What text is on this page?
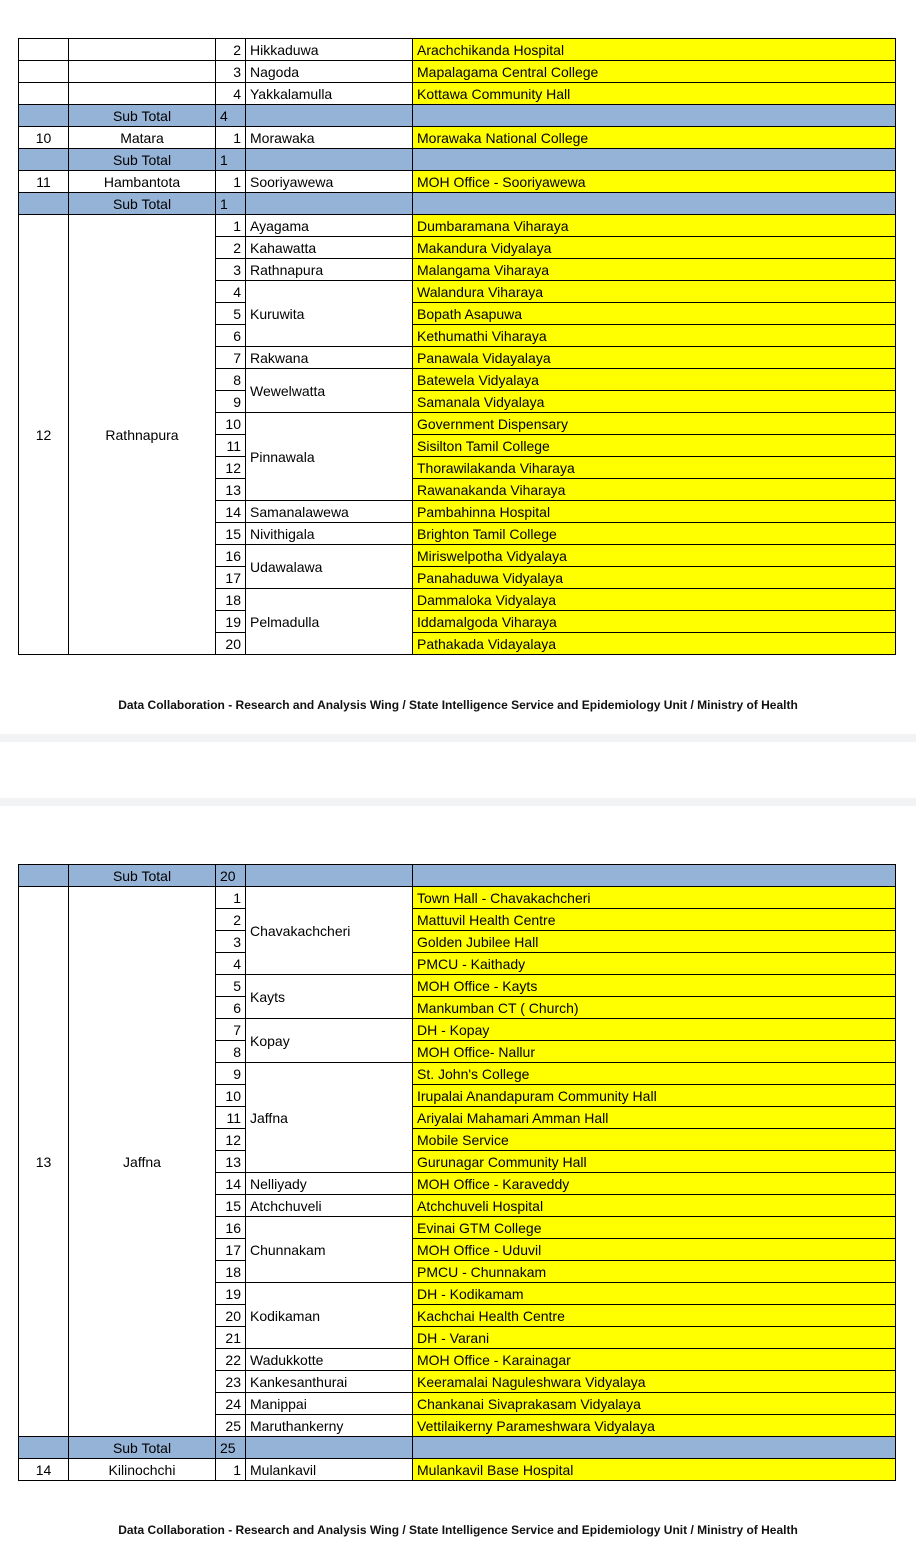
		2	Hikkaduwa	Arachchikanda Hospital
		3	Nagoda	Mapalagama Central College
		4	Yakkalamulla	Kottawa Community Hall
	Sub Total	4		
10	Matara	1	Morawaka	Morawaka National College
	Sub Total	1		
11	Hambantota	1	Sooriyawewa	MOH Office - Sooriyawewa
	Sub Total	1		
12	Rathnapura	1	Ayagama	Dumbaramana Viharaya
		2	Kahawatta	Makandura Vidyalaya
		3	Rathnapura	Malangama Viharaya
		4	Kuruwita	Walandura Viharaya
		5		Bopath Asapuwa
		6		Kethumathi Viharaya
		7	Rakwana	Panawala Vidayalaya
		8	Wewelwatta	Batewela Vidyalaya
		9		Samanala Vidyalaya
		10	Pinnawala	Government Dispensary
		11		Sisilton Tamil College
		12		Thorawilakanda Viharaya
		13		Rawanakanda Viharaya
		14	Samanalawewa	Pambahinna Hospital
		15	Nivithigala	Brighton Tamil College
		16	Udawalawa	Miriswelpotha Vidyalaya
		17		Panahaduwa Vidyalaya
		18	Pelmadulla	Dammaloka Vidyalaya
		19		Iddamalgoda Viharaya
		20		Pathakada Vidayalaya
Data Collaboration - Research and Analysis Wing / State Intelligence Service and Epidemiology Unit / Ministry of Health
	Sub Total	20		
13	Jaffna	1	Chavakachcheri	Town Hall - Chavakachcheri
		2		Mattuvil Health Centre
		3		Golden Jubilee Hall
		4		PMCU - Kaithady
		5	Kayts	MOH Office - Kayts
		6		Mankumban CT ( Church)
		7	Kopay	DH - Kopay
		8		MOH Office- Nallur
		9	Jaffna	St. John's College
		10		Irupalai Anandapuram Community Hall
		11		Ariyalai Mahamari Amman Hall
		12		Mobile Service
		13		Gurunagar Community Hall
		14	Nelliyady	MOH Office - Karaveddy
		15	Atchchuveli	Atchchuveli Hospital
		16	Chunnakam	Evinai GTM College
		17		MOH Office - Uduvil
		18		PMCU - Chunnakam
		19	Kodikaman	DH - Kodikamam
		20		Kachchai Health Centre
		21		DH - Varani
		22	Wadukkotte	MOH Office - Karainagar
		23	Kankesanthurai	Keeramalai Naguleshwara Vidyalaya
		24	Manippai	Chankanai Sivaprakasam Vidyalaya
		25	Maruthankerny	Vettilaikerny Parameshwara Vidyalaya
	Sub Total	25		
14	Kilinochchi	1	Mulankavil	Mulankavil Base Hospital
Data Collaboration - Research and Analysis Wing / State Intelligence Service and Epidemiology Unit / Ministry of Health
